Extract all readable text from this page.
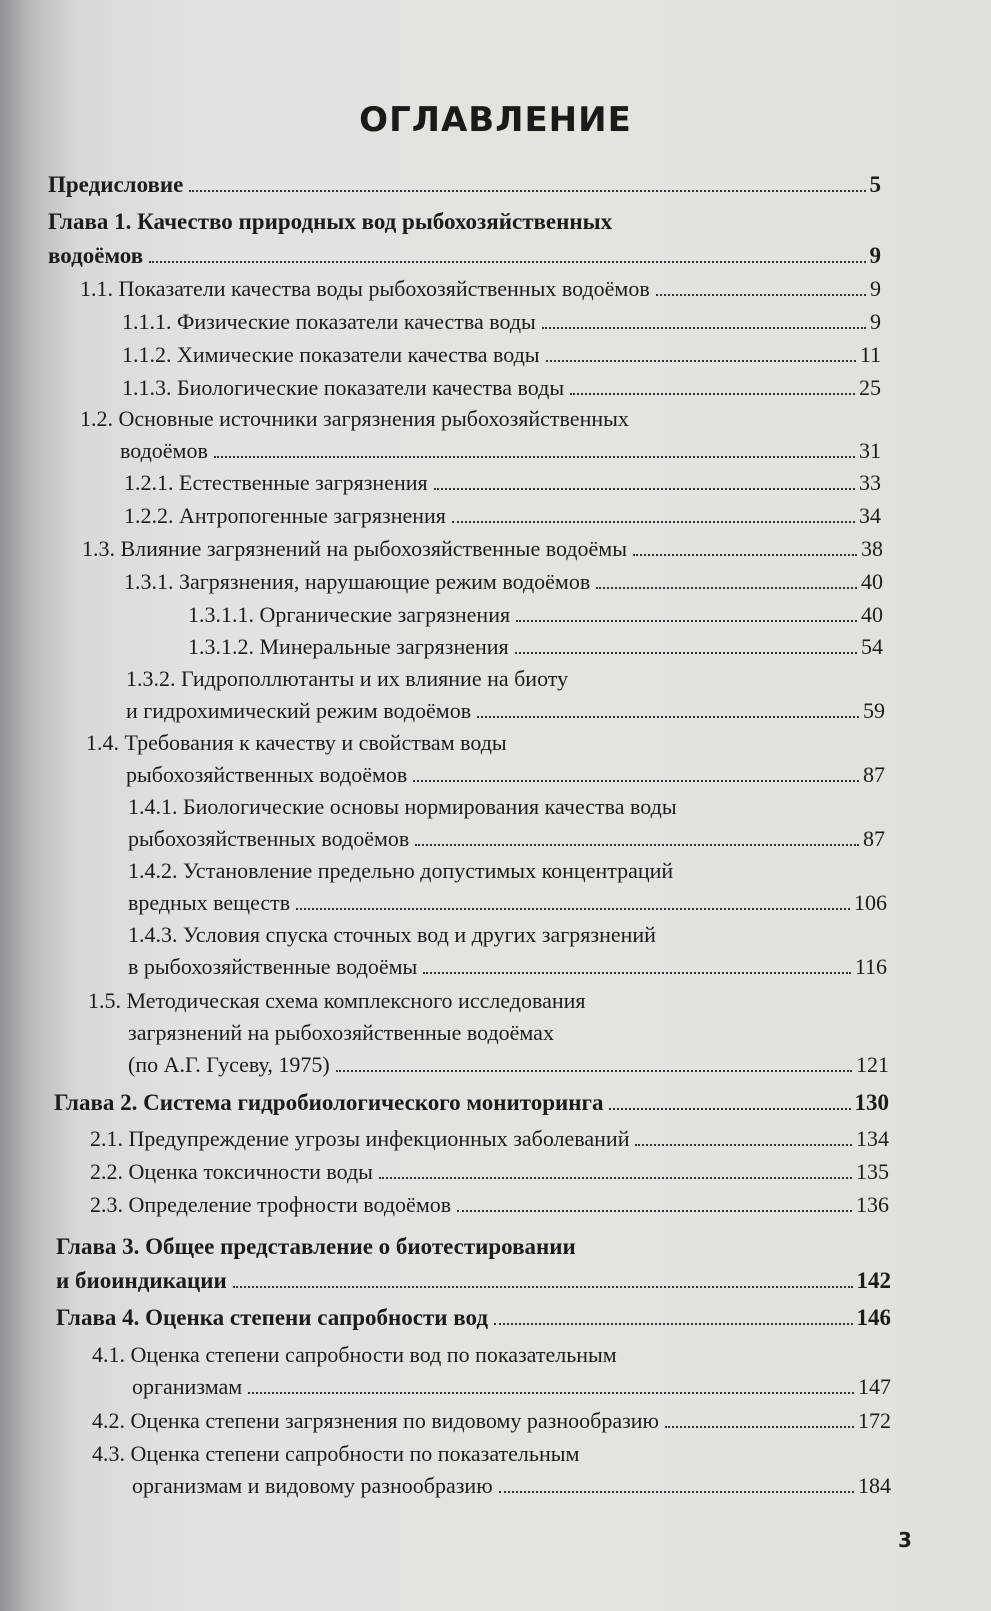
ОГЛАВЛЕНИЕ
Предисловие	5
Глава 1. Качество природных вод рыбохозяйственных
водоёмов	9
1.1. Показатели качества воды рыбохозяйственных водоёмов	9
1.1.1. Физические показатели качества воды	9
1.1.2. Химические показатели качества воды	11
1.1.3. Биологические показатели качества воды	25
1.2. Основные источники загрязнения рыбохозяйственных
водоёмов	31
1.2.1. Естественные загрязнения	33
1.2.2. Антропогенные загрязнения	34
1.3. Влияние загрязнений на рыбохозяйственные водоёмы	38
1.3.1. Загрязнения, нарушающие режим водоёмов	40
1.3.1.1. Органические загрязнения	40
1.3.1.2. Минеральные загрязнения	54
1.3.2. Гидрополлютанты и их влияние на биоту
и гидрохимический режим водоёмов	59
1.4. Требования к качеству и свойствам воды
рыбохозяйственных водоёмов	87
1.4.1. Биологические основы нормирования качества воды
рыбохозяйственных водоёмов	87
1.4.2. Установление предельно допустимых концентраций
вредных веществ	106
1.4.3. Условия спуска сточных вод и других загрязнений
в рыбохозяйственные водоёмы	116
1.5. Методическая схема комплексного исследования
загрязнений на рыбохозяйственные водоёмах
(по А.Г. Гусеву, 1975)	121
Глава 2. Система гидробиологического мониторинга	130
2.1. Предупреждение угрозы инфекционных заболеваний	134
2.2. Оценка токсичности воды	135
2.3. Определение трофности водоёмов	136
Глава 3. Общее представление о биотестировании
и биоиндикации	142
Глава 4. Оценка степени сапробности вод	146
4.1. Оценка степени сапробности вод по показательным
организмам	147
4.2. Оценка степени загрязнения по видовому разнообразию	172
4.3. Оценка степени сапробности по показательным
организмам и видовому разнообразию	184
3
